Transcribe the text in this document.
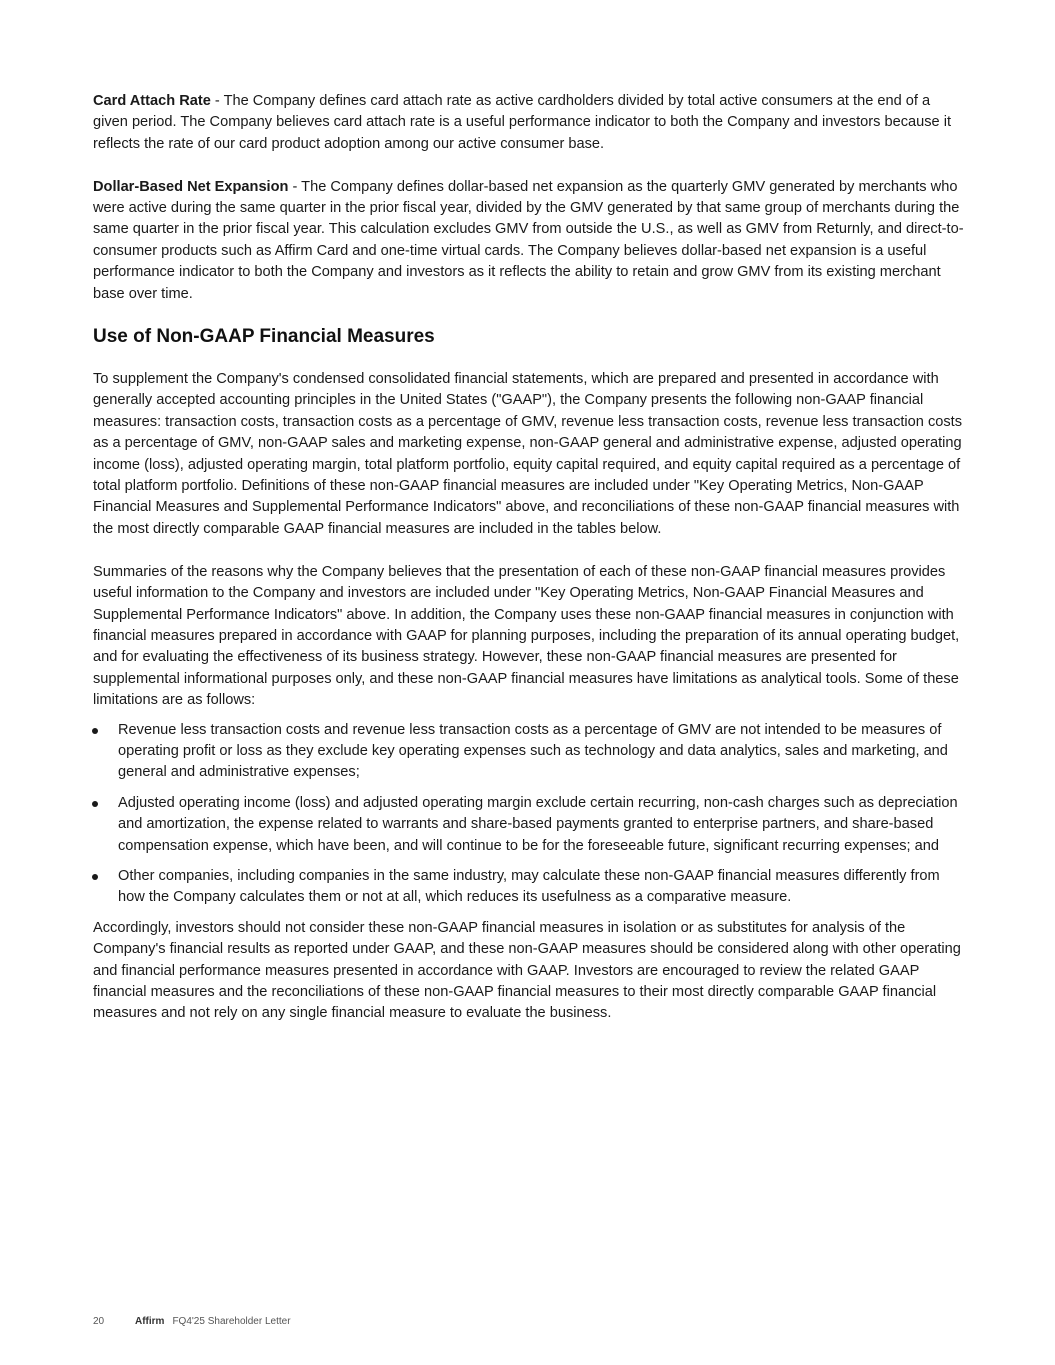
Card Attach Rate - The Company defines card attach rate as active cardholders divided by total active consumers at the end of a given period. The Company believes card attach rate is a useful performance indicator to both the Company and investors because it reflects the rate of our card product adoption among our active consumer base.

Dollar-Based Net Expansion - The Company defines dollar-based net expansion as the quarterly GMV generated by merchants who were active during the same quarter in the prior fiscal year, divided by the GMV generated by that same group of merchants during the same quarter in the prior fiscal year. This calculation excludes GMV from outside the U.S., as well as GMV from Returnly, and direct-to-consumer products such as Affirm Card and one-time virtual cards. The Company believes dollar-based net expansion is a useful performance indicator to both the Company and investors as it reflects the ability to retain and grow GMV from its existing merchant base over time.

Use of Non-GAAP Financial Measures

To supplement the Company's condensed consolidated financial statements, which are prepared and presented in accordance with generally accepted accounting principles in the United States ("GAAP"), the Company presents the following non-GAAP financial measures: transaction costs, transaction costs as a percentage of GMV, revenue less transaction costs, revenue less transaction costs as a percentage of GMV, non-GAAP sales and marketing expense, non-GAAP general and administrative expense, adjusted operating income (loss), adjusted operating margin, total platform portfolio, equity capital required, and equity capital required as a percentage of total platform portfolio. Definitions of these non-GAAP financial measures are included under "Key Operating Metrics, Non-GAAP Financial Measures and Supplemental Performance Indicators" above, and reconciliations of these non-GAAP financial measures with the most directly comparable GAAP financial measures are included in the tables below.

Summaries of the reasons why the Company believes that the presentation of each of these non-GAAP financial measures provides useful information to the Company and investors are included under "Key Operating Metrics, Non-GAAP Financial Measures and Supplemental Performance Indicators" above. In addition, the Company uses these non-GAAP financial measures in conjunction with financial measures prepared in accordance with GAAP for planning purposes, including the preparation of its annual operating budget, and for evaluating the effectiveness of its business strategy. However, these non-GAAP financial measures are presented for supplemental informational purposes only, and these non-GAAP financial measures have limitations as analytical tools. Some of these limitations are as follows:

Revenue less transaction costs and revenue less transaction costs as a percentage of GMV are not intended to be measures of operating profit or loss as they exclude key operating expenses such as technology and data analytics, sales and marketing, and general and administrative expenses;
Adjusted operating income (loss) and adjusted operating margin exclude certain recurring, non-cash charges such as depreciation and amortization, the expense related to warrants and share-based payments granted to enterprise partners, and share-based compensation expense, which have been, and will continue to be for the foreseeable future, significant recurring expenses; and
Other companies, including companies in the same industry, may calculate these non-GAAP financial measures differently from how the Company calculates them or not at all, which reduces its usefulness as a comparative measure.

Accordingly, investors should not consider these non-GAAP financial measures in isolation or as substitutes for analysis of the Company's financial results as reported under GAAP, and these non-GAAP measures should be considered along with other operating and financial performance measures presented in accordance with GAAP. Investors are encouraged to review the related GAAP financial measures and the reconciliations of these non-GAAP financial measures to their most directly comparable GAAP financial measures and not rely on any single financial measure to evaluate the business.

20	Affirm FQ4'25 Shareholder Letter
